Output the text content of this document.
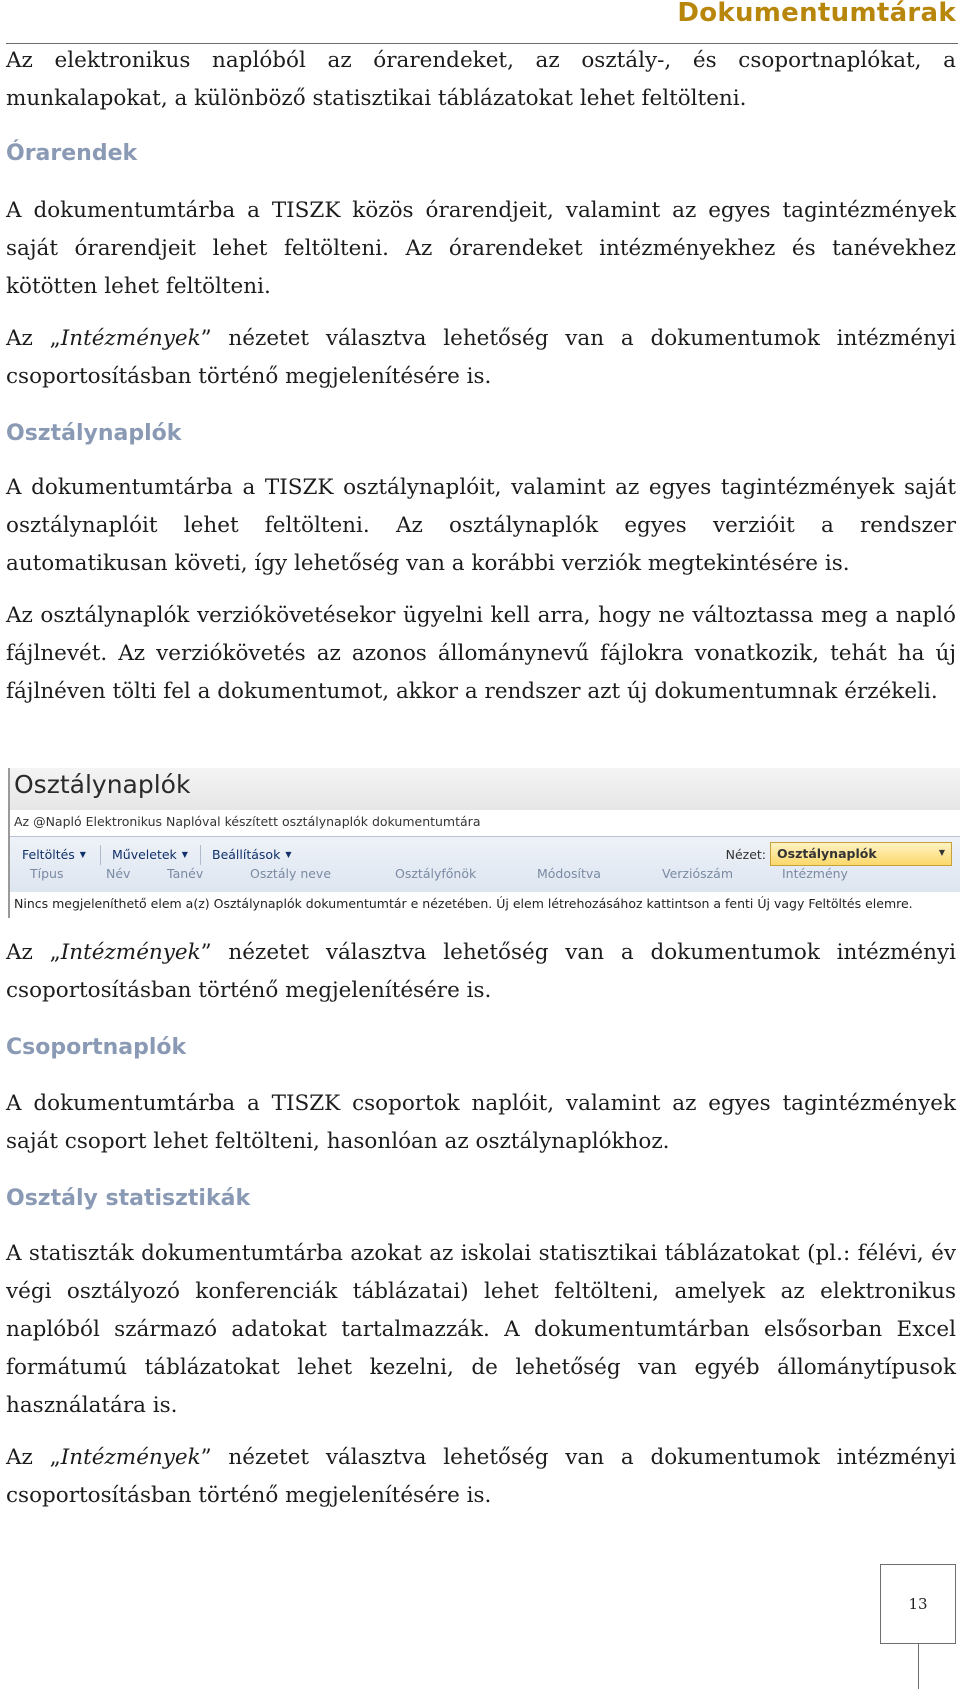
Dokumentumtárak

Az elektronikus naplóból az órarendeket, az osztály-, és csoportnaplókat, a munkalapokat, a különböző statisztikai táblázatokat lehet feltölteni.

Órarendek

A dokumentumtárba a TISZK közös órarendjeit, valamint az egyes tagintézmények saját órarendjeit lehet feltölteni. Az órarendeket intézményekhez és tanévekhez kötötten lehet feltölteni.

Az „Intézmények” nézetet választva lehetőség van a dokumentumok intézményi csoportosításban történő megjelenítésére is.

Osztálynaplók

A dokumentumtárba a TISZK osztálynaplóit, valamint az egyes tagintézmények saját osztálynaplóit lehet feltölteni. Az osztálynaplók egyes verzióit a rendszer automatikusan követi, így lehetőség van a korábbi verziók megtekintésére is.

Az osztálynaplók verziókövetésekor ügyelni kell arra, hogy ne változtassa meg a napló fájlnevét. Az verziókövetés az azonos állománynevű fájlokra vonatkozik, tehát ha új fájlnéven tölti fel a dokumentumot, akkor a rendszer azt új dokumentumnak érzékeli.

Osztálynaplók
Az @Napló Elektronikus Naplóval készített osztálynaplók dokumentumtára
Feltöltés ▼	Műveletek ▼	Beállítások ▼	Nézet: Osztálynaplók	▼
Típus	Név	Tanév	Osztály neve	Osztályfőnök	Módosítva	Verziószám	Intézmény
Nincs megjeleníthető elem a(z) Osztálynaplók dokumentumtár e nézetében. Új elem létrehozásához kattintson a fenti Új vagy Feltöltés elemre.

Az „Intézmények” nézetet választva lehetőség van a dokumentumok intézményi csoportosításban történő megjelenítésére is.

Csoportnaplók

A dokumentumtárba a TISZK csoportok naplóit, valamint az egyes tagintézmények saját csoport lehet feltölteni, hasonlóan az osztálynaplókhoz.

Osztály statisztikák

A statiszták dokumentumtárba azokat az iskolai statisztikai táblázatokat (pl.: félévi, év végi osztályozó konferenciák táblázatai) lehet feltölteni, amelyek az elektronikus naplóból származó adatokat tartalmazzák. A dokumentumtárban elsősorban Excel formátumú táblázatokat lehet kezelni, de lehetőség van egyéb állománytípusok használatára is.

Az „Intézmények” nézetet választva lehetőség van a dokumentumok intézményi csoportosításban történő megjelenítésére is.

13
